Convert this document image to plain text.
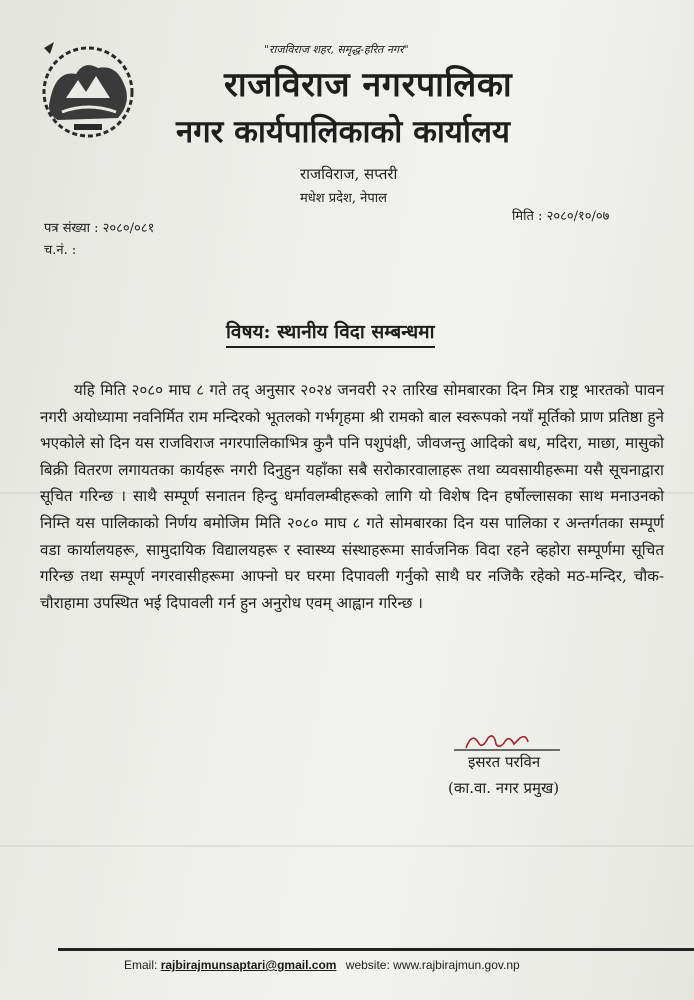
"राजविराज शहर, समृद्ध-हरित नगर"
राजविराज नगरपालिका
नगर कार्यपालिकाको कार्यालय
राजविराज, सप्तरी
मधेश प्रदेश, नेपाल
पत्र संख्या : २०८०/०८१
च.नं. :
मिति : २०८०/१०/०७
विषय: स्थानीय विदा सम्बन्धमा
यहि मिति २०८० माघ ८ गते तद् अनुसार २०२४ जनवरी २२ तारिख सोमबारका दिन मित्र राष्ट्र भारतको पावन नगरी अयोध्यामा नवनिर्मित राम मन्दिरको भूतलको गर्भगृहमा श्री रामको बाल स्वरूपको नयाँ मूर्तिको प्राण प्रतिष्ठा हुने भएकोले सो दिन यस राजविराज नगरपालिकाभित्र कुनै पनि पशुपंक्षी, जीवजन्तु आदिको बध, मदिरा, माछा, मासुको बिक्री वितरण लगायतका कार्यहरू नगरी दिनुहुन यहाँका सबै सरोकारवालाहरू तथा व्यवसायीहरूमा यसै सूचनाद्वारा सूचित गरिन्छ । साथै सम्पूर्ण सनातन हिन्दु धर्मावलम्बीहरूको लागि यो विशेष दिन हर्षोल्लासका साथ मनाउनको निम्ति यस पालिकाको निर्णय बमोजिम मिति २०८० माघ ८ गते सोमबारका दिन यस पालिका र अन्तर्गतका सम्पूर्ण वडा कार्यालयहरू, सामुदायिक विद्यालयहरू र स्वास्थ्य संस्थाहरूमा सार्वजनिक विदा रहने व्हहोरा सम्पूर्णमा सूचित गरिन्छ तथा सम्पूर्ण नगरवासीहरूमा आफ्नो घर घरमा दिपावली गर्नुको साथै घर नजिकै रहेको मठ-मन्दिर, चौक-चौराहामा उपस्थित भई दिपावली गर्न हुन अनुरोध एवम् आह्वान गरिन्छ ।
इसरत परविन
(का.वा. नगर प्रमुख)
Email: rajbirajmunsaptari@gmail.com website: www.rajbirajmun.gov.np
